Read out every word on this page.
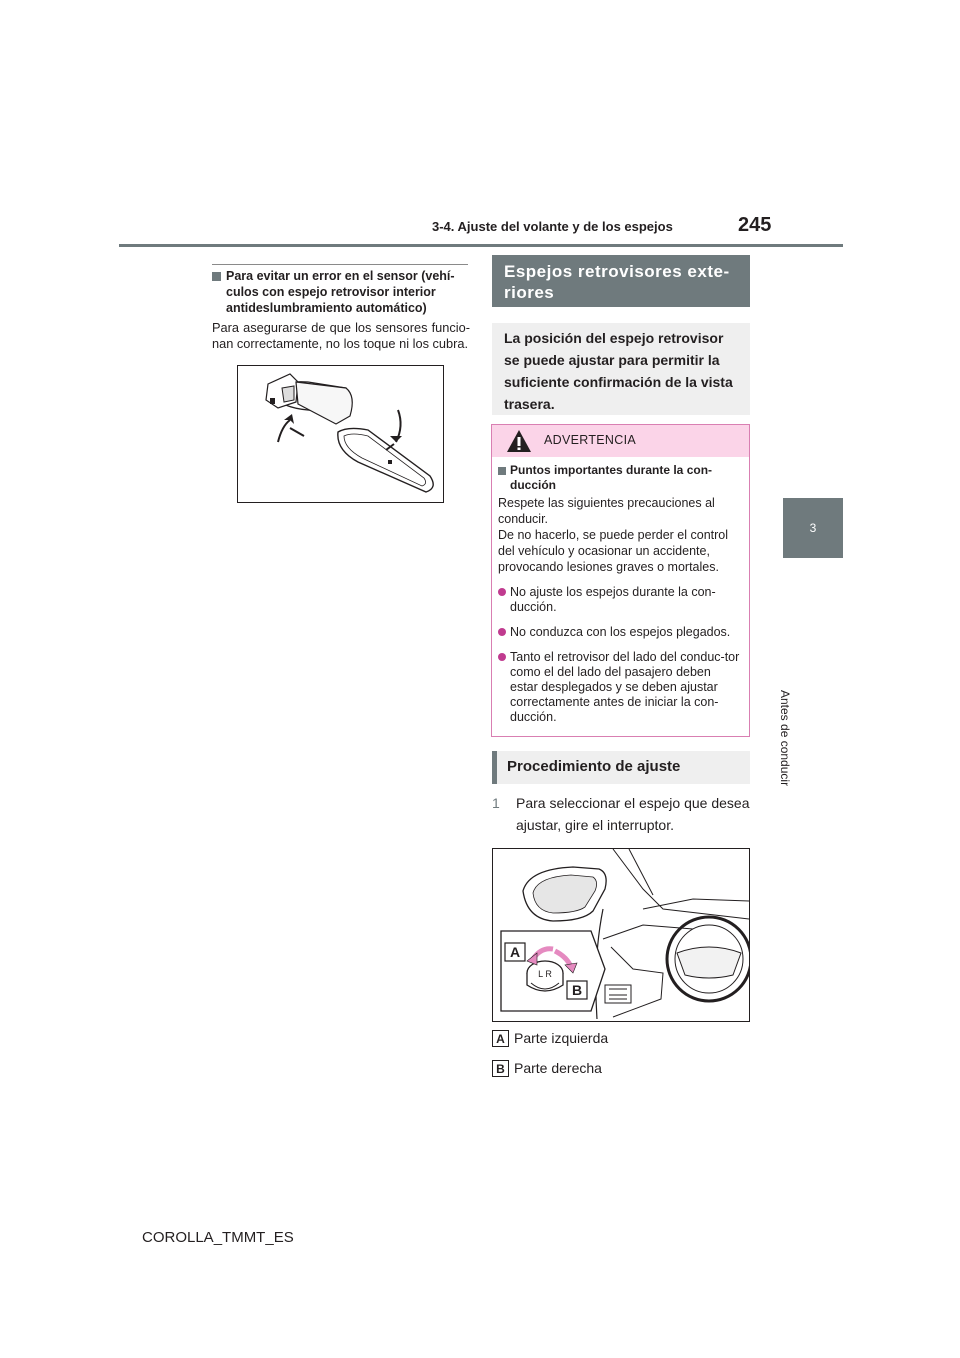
3-4. Ajuste del volante y de los espejos	245
3
Antes de conducir
Para evitar un error en el sensor (vehí-culos con espejo retrovisor interior antideslumbramiento automático)
Para asegurarse de que los sensores funcio-nan correctamente, no los toque ni los cubra.
Espejos retrovisores exte-riores
La posición del espejo retrovisor se puede ajustar para permitir la suficiente confirmación de la vista trasera.
ADVERTENCIA
Puntos importantes durante la con-ducción
Respete las siguientes precauciones al conducir.
De no hacerlo, se puede perder el control del vehículo y ocasionar un accidente, provocando lesiones graves o mortales.
No ajuste los espejos durante la con-ducción.
No conduzca con los espejos plegados.
Tanto el retrovisor del lado del conduc-tor como el del lado del pasajero deben estar desplegados y se deben ajustar correctamente antes de iniciar la con-ducción.
Procedimiento de ajuste
1 Para seleccionar el espejo que desea ajustar, gire el interruptor.
L R
A
B
A Parte izquierda
B Parte derecha
COROLLA_TMMT_ES
